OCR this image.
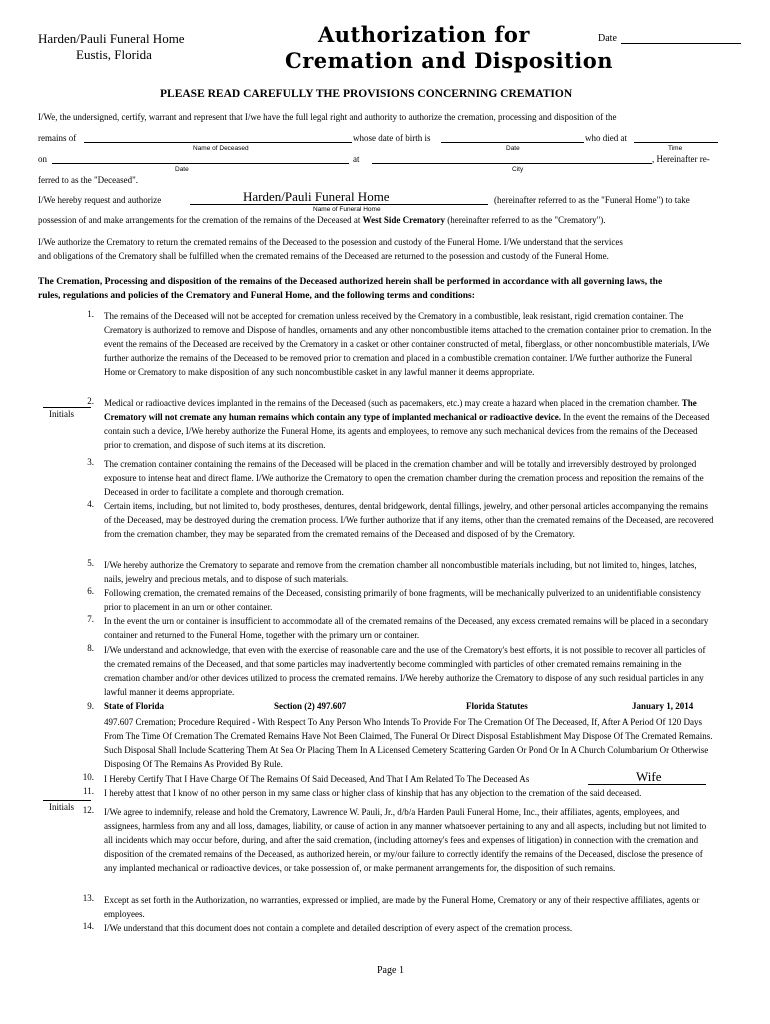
Harden/Pauli Funeral Home
Eustis, Florida
Authorization for
Cremation and Disposition
Date
PLEASE READ CAREFULLY THE PROVISIONS CONCERNING CREMATION
I/We, the undersigned, certify, warrant and represent that I/we have the full legal right and authority to authorize the cremation, processing and disposition of the
remains of	whose date of birth is	who died at
Name of Deceased	Date	Time
on	at	, Hereinafter re-
Date	City
ferred to as the "Deceased".
I/We hereby request and authorize	Harden/Pauli Funeral Home
Name of Funeral Home
(hereinafter referred to as the "Funeral Home") to take
possession of and make arrangements for the cremation of the remains of the Deceased at West Side Crematory (hereinafter referred to as the "Crematory").
I/We authorize the Crematory to return the cremated remains of the Deceased to the posession and custody of the Funeral Home. I/We understand that the services
and obligations of the Crematory shall be fulfilled when the cremated remains of the Deceased are returned to the posession and custody of the Funeral Home.
The Cremation, Processing and disposition of the remains of the Deceased authorized herein shall be performed in accordance with all governing laws, the
rules, regulations and policies of the Crematory and Funeral Home, and the following terms and conditions:
Initials
Initials
1. The remains of the Deceased will not be accepted for cremation unless received by the Crematory in a combustible, leak resistant, rigid cremation container. The Crematory is authorized to remove and Dispose of handles, ornaments and any other noncombustible items attached to the cremation container prior to cremation. In the event the remains of the Deceased are received by the Crematory in a casket or other container constructed of metal, fiberglass, or other noncombustible materials, I/We further authorize the remains of the Deceased to be removed prior to cremation and placed in a combustible cremation container. I/We further authorize the Funeral Home or Crematory to make disposition of any such noncombustible casket in any lawful manner it deems appropriate.
2. Medical or radioactive devices implanted in the remains of the Deceased (such as pacemakers, etc.) may create a hazard when placed in the cremation chamber. The Crematory will not cremate any human remains which contain any type of implanted mechanical or radioactive device. In the event the remains of the Deceased contain such a device, I/We hereby authorize the Funeral Home, its agents and employees, to remove any such mechanical devices from the remains of the Deceased prior to cremation, and dispose of such items at its discretion.
3. The cremation container containing the remains of the Deceased will be placed in the cremation chamber and will be totally and irreversibly destroyed by prolonged exposure to intense heat and direct flame. I/We authorize the Crematory to open the cremation chamber during the cremation process and reposition the remains of the Deceased in order to facilitate a complete and thorough cremation.
4. Certain items, including, but not limited to, body prostheses, dentures, dental bridgework, dental fillings, jewelry, and other personal articles accompanying the remains of the Deceased, may be destroyed during the cremation process. I/We further authorize that if any items, other than the cremated remains of the Deceased, are recovered from the cremation chamber, they may be separated from the cremated remains of the Deceased and disposed of by the Crematory.
5. I/We hereby authorize the Crematory to separate and remove from the cremation chamber all noncombustible materials including, but not limited to, hinges, latches, nails, jewelry and precious metals, and to dispose of such materials.
6. Following cremation, the cremated remains of the Deceased, consisting primarily of bone fragments, will be mechanically pulverized to an unidentifiable consistency prior to placement in an urn or other container.
7. In the event the urn or container is insufficient to accommodate all of the cremated remains of the Deceased, any excess cremated remains will be placed in a secondary container and returned to the Funeral Home, together with the primary urn or container.
8. I/We understand and acknowledge, that even with the exercise of reasonable care and the use of the Crematory's best efforts, it is not possible to recover all particles of the cremated remains of the Deceased, and that some particles may inadvertently become commingled with particles of other cremated remains remaining in the cremation chamber and/or other devices utilized to process the cremated remains. I/We hereby authorize the Crematory to dispose of any such residual particles in any lawful manner it deems appropriate.
9. State of Florida	Section (2) 497.607	Florida Statutes	January 1, 2014
497.607 Cremation; Procedure Required - With Respect To Any Person Who Intends To Provide For The Cremation Of The Deceased, If, After A Period Of 120 Days From The Time Of Cremation The Cremated Remains Have Not Been Claimed, The Funeral Or Direct Disposal Establishment May Dispose Of The Cremated Remains. Such Disposal Shall Include Scattering Them At Sea Or Placing Them In A Licensed Cemetery Scattering Garden Or Pond Or In A Church Columbarium Or Otherwise Disposing Of The Remains As Provided By Rule.
10. I Hereby Certify That I Have Charge Of The Remains Of Said Deceased, And That I Am Related To The Deceased As	Wife
11. I hereby attest that I know of no other person in my same class or higher class of kinship that has any objection to the cremation of the said deceased.
12. I/We agree to indemnify, release and hold the Crematory, Lawrence W. Pauli, Jr., d/b/a Harden Pauli Funeral Home, Inc., their affiliates, agents, employees, and assignees, harmless from any and all loss, damages, liability, or cause of action in any manner whatsoever pertaining to any and all aspects, including but not limited to all incidents which may occur before, during, and after the said cremation, (including attorney's fees and expenses of litigation) in connection with the cremation and disposition of the cremated remains of the Deceased, as authorized herein, or my/our failure to correctly identify the remains of the Deceased, disclose the presence of any implanted mechanical or radioactive devices, or take possession of, or make permanent arrangements for, the disposition of such remains.
13. Except as set forth in the Authorization, no warranties, expressed or implied, are made by the Funeral Home, Crematory or any of their respective affiliates, agents or employees.
14. I/We understand that this document does not contain a complete and detailed description of every aspect of the cremation process.
Page 1
